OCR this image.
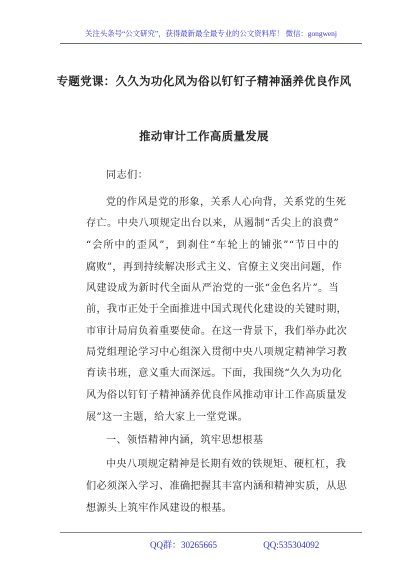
关注头条号“公文研究”，获得最新最全最专业的公文资料库！ 微信：gongwenj
专题党课：久久为功化风为俗以钉钉子精神涵养优良作风
推动审计工作高质量发展
同志们：
党的作风是党的形象，关系人心向背，关系党的生死
存亡。中央八项规定出台以来，从遏制“舌尖上的浪费”
“会所中的歪风”，到刹住“车轮上的铺张”“节日中的
腐败”，再到持续解决形式主义、官僚主义突出问题，作
风建设成为新时代全面从严治党的一张“金色名片”。当
前，我市正处于全面推进中国式现代化建设的关键时期，
市审计局肩负着重要使命。在这一背景下，我们举办此次
局党组理论学习中心组深入贯彻中央八项规定精神学习教
育读书班，意义重大而深远。下面，我围绕“久久为功化
风为俗以钉钉子精神涵养优良作风推动审计工作高质量发
展”这一主题，给大家上一堂党课。
一、领悟精神内涵，筑牢思想根基
中央八项规定精神是长期有效的铁规矩、硬杠杠，我
们必须深入学习、准确把握其丰富内涵和精神实质，从思
想源头上筑牢作风建设的根基。
QQ群：30265665	QQ:535304092
